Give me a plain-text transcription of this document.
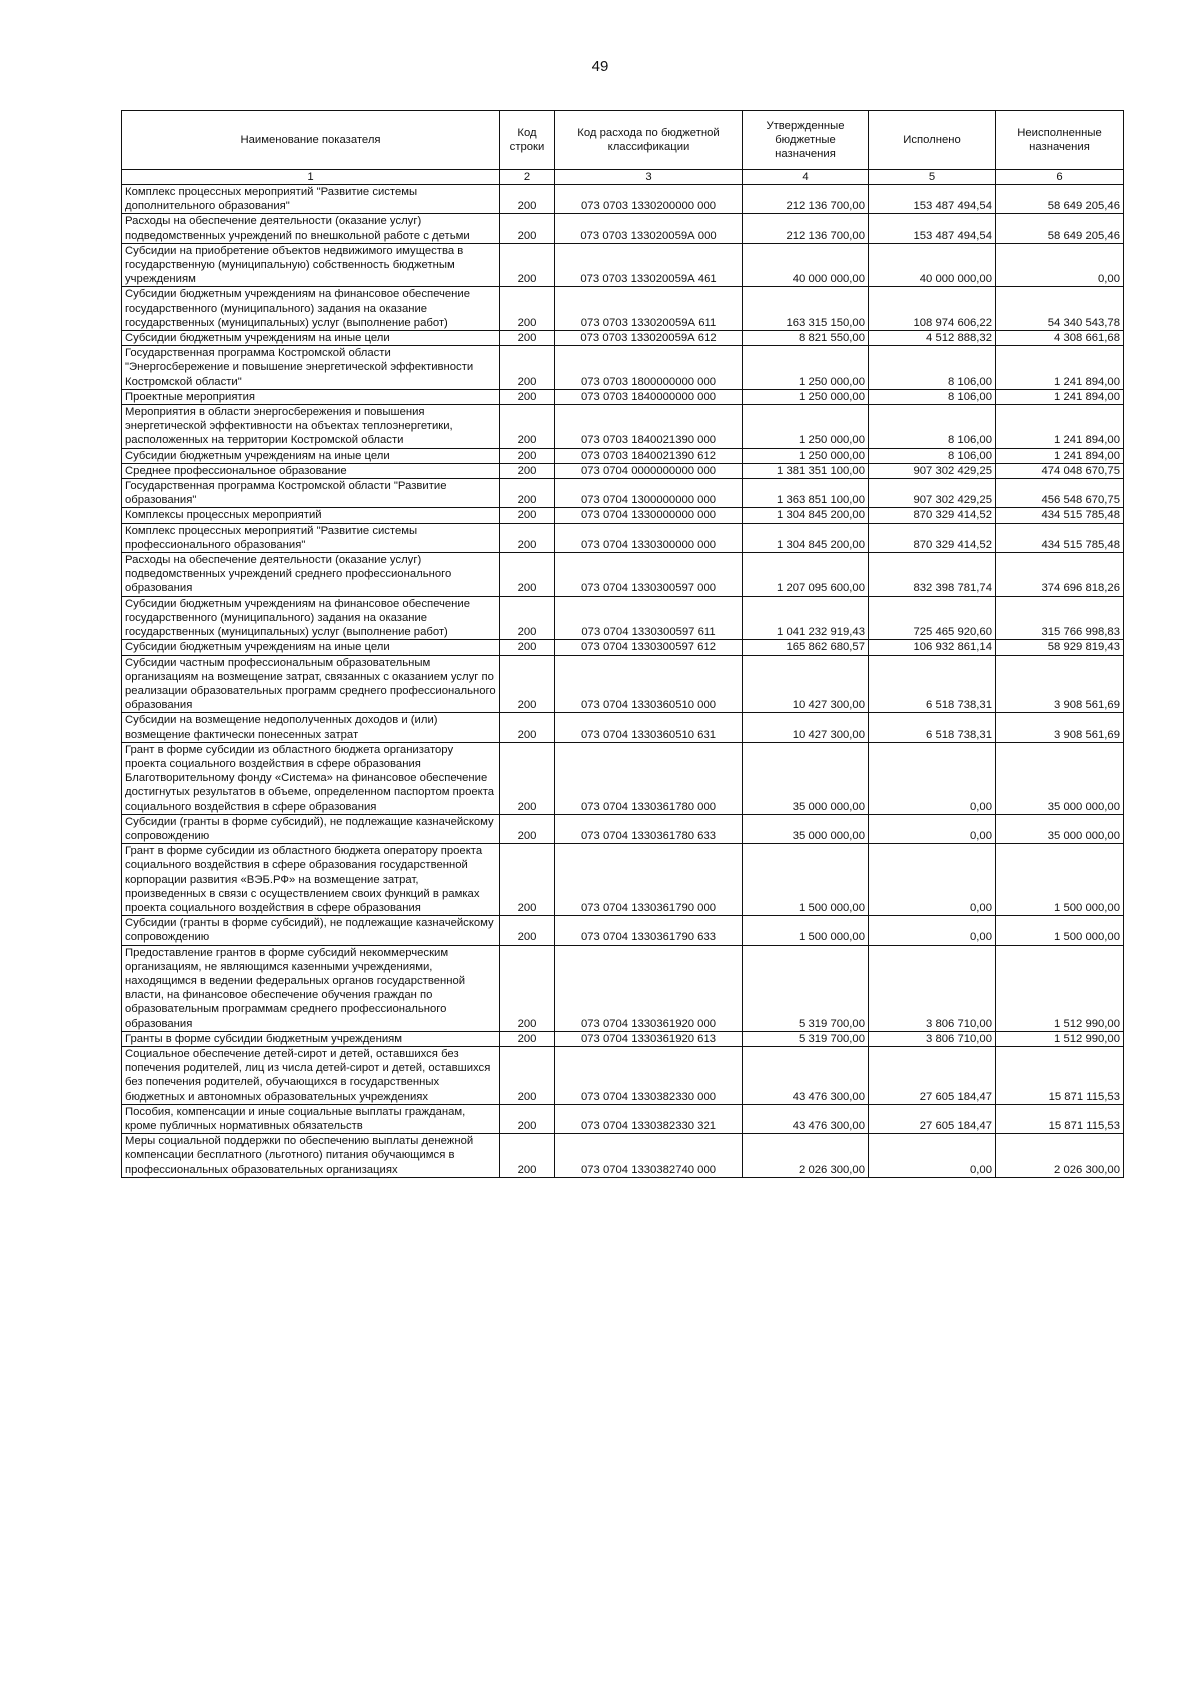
49
Наименование показателя	Код строки	Код расхода по бюджетной классификации	Утвержденные бюджетные назначения	Исполнено	Неисполненные назначения
1	2	3	4	5	6
Комплекс процессных мероприятий "Развитие системы дополнительного образования"	200	073 0703 1330200000 000	212 136 700,00	153 487 494,54	58 649 205,46
Расходы на обеспечение деятельности (оказание услуг) подведомственных учреждений по внешкольной работе с детьми	200	073 0703 133020059А 000	212 136 700,00	153 487 494,54	58 649 205,46
Субсидии на приобретение объектов недвижимого имущества в государственную (муниципальную) собственность бюджетным учреждениям	200	073 0703 133020059А 461	40 000 000,00	40 000 000,00	0,00
Субсидии бюджетным учреждениям на финансовое обеспечение государственного (муниципального) задания на оказание государственных (муниципальных) услуг (выполнение работ)	200	073 0703 133020059А 611	163 315 150,00	108 974 606,22	54 340 543,78
Субсидии бюджетным учреждениям на иные цели	200	073 0703 133020059А 612	8 821 550,00	4 512 888,32	4 308 661,68
Государственная программа Костромской области "Энергосбережение и повышение энергетической эффективности Костромской области"	200	073 0703 1800000000 000	1 250 000,00	8 106,00	1 241 894,00
Проектные мероприятия	200	073 0703 1840000000 000	1 250 000,00	8 106,00	1 241 894,00
Мероприятия в области энергосбережения и повышения энергетической эффективности на объектах теплоэнергетики, расположенных на территории Костромской области	200	073 0703 1840021390 000	1 250 000,00	8 106,00	1 241 894,00
Субсидии бюджетным учреждениям на иные цели	200	073 0703 1840021390 612	1 250 000,00	8 106,00	1 241 894,00
Среднее профессиональное образование	200	073 0704 0000000000 000	1 381 351 100,00	907 302 429,25	474 048 670,75
Государственная программа Костромской области "Развитие образования"	200	073 0704 1300000000 000	1 363 851 100,00	907 302 429,25	456 548 670,75
Комплексы процессных мероприятий	200	073 0704 1330000000 000	1 304 845 200,00	870 329 414,52	434 515 785,48
Комплекс процессных мероприятий "Развитие системы профессионального образования"	200	073 0704 1330300000 000	1 304 845 200,00	870 329 414,52	434 515 785,48
Расходы на обеспечение деятельности (оказание услуг) подведомственных учреждений среднего профессионального образования	200	073 0704 1330300597 000	1 207 095 600,00	832 398 781,74	374 696 818,26
Субсидии бюджетным учреждениям на финансовое обеспечение государственного (муниципального) задания на оказание государственных (муниципальных) услуг (выполнение работ)	200	073 0704 1330300597 611	1 041 232 919,43	725 465 920,60	315 766 998,83
Субсидии бюджетным учреждениям на иные цели	200	073 0704 1330300597 612	165 862 680,57	106 932 861,14	58 929 819,43
Субсидии частным профессиональным образовательным организациям на возмещение затрат, связанных с оказанием услуг по реализации образовательных программ среднего профессионального образования	200	073 0704 1330360510 000	10 427 300,00	6 518 738,31	3 908 561,69
Субсидии на возмещение недополученных доходов и (или) возмещение фактически понесенных затрат	200	073 0704 1330360510 631	10 427 300,00	6 518 738,31	3 908 561,69
Грант в форме субсидии из областного бюджета организатору проекта социального воздействия в сфере образования Благотворительному фонду «Система» на финансовое обеспечение достигнутых результатов в объеме, определенном паспортом проекта социального воздействия в сфере образования	200	073 0704 1330361780 000	35 000 000,00	0,00	35 000 000,00
Субсидии (гранты в форме субсидий), не подлежащие казначейскому сопровождению	200	073 0704 1330361780 633	35 000 000,00	0,00	35 000 000,00
Грант в форме субсидии из областного бюджета оператору проекта социального воздействия в сфере образования государственной корпорации развития «ВЭБ.РФ» на возмещение затрат, произведенных в связи с осуществлением своих функций в рамках проекта социального воздействия в сфере образования	200	073 0704 1330361790 000	1 500 000,00	0,00	1 500 000,00
Субсидии (гранты в форме субсидий), не подлежащие казначейскому сопровождению	200	073 0704 1330361790 633	1 500 000,00	0,00	1 500 000,00
Предоставление грантов в форме субсидий некоммерческим организациям, не являющимся казенными учреждениями, находящимся в ведении федеральных органов государственной власти, на финансовое обеспечение обучения граждан по образовательным программам среднего профессионального образования	200	073 0704 1330361920 000	5 319 700,00	3 806 710,00	1 512 990,00
Гранты в форме субсидии бюджетным учреждениям	200	073 0704 1330361920 613	5 319 700,00	3 806 710,00	1 512 990,00
Социальное обеспечение детей-сирот и детей, оставшихся без попечения родителей, лиц из числа детей-сирот и детей, оставшихся без попечения родителей, обучающихся в государственных бюджетных и автономных образовательных учреждениях	200	073 0704 1330382330 000	43 476 300,00	27 605 184,47	15 871 115,53
Пособия, компенсации и иные социальные выплаты гражданам, кроме публичных нормативных обязательств	200	073 0704 1330382330 321	43 476 300,00	27 605 184,47	15 871 115,53
Меры социальной поддержки по обеспечению выплаты денежной компенсации бесплатного (льготного) питания обучающимся в профессиональных образовательных организациях	200	073 0704 1330382740 000	2 026 300,00	0,00	2 026 300,00
